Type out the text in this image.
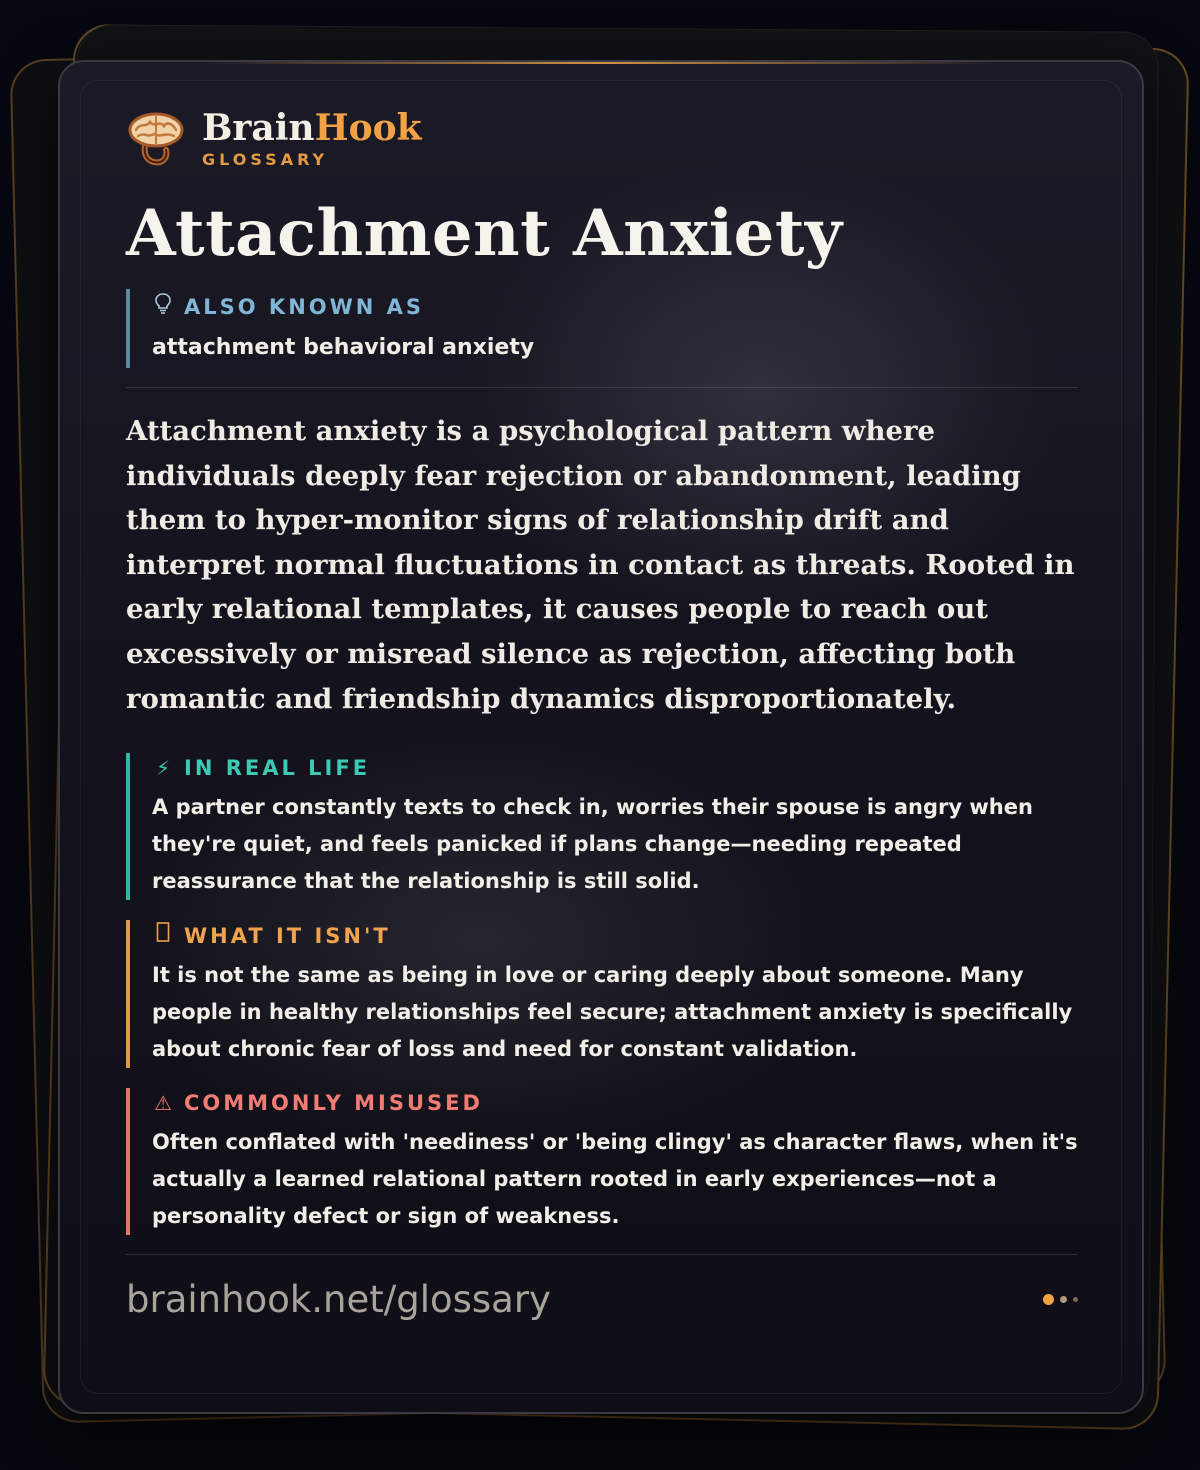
BrainHook
GLOSSARY
Attachment Anxiety
ALSO KNOWN AS
attachment behavioral anxiety
Attachment anxiety is a psychological pattern where individuals deeply fear rejection or abandonment, leading them to hyper-monitor signs of relationship drift and interpret normal fluctuations in contact as threats. Rooted in early relational templates, it causes people to reach out excessively or misread silence as rejection, affecting both romantic and friendship dynamics disproportionately.
⚡ IN REAL LIFE
A partner constantly texts to check in, worries their spouse is angry when they're quiet, and feels panicked if plans change—needing repeated reassurance that the relationship is still solid.
WHAT IT ISN'T
It is not the same as being in love or caring deeply about someone. Many people in healthy relationships feel secure; attachment anxiety is specifically about chronic fear of loss and need for constant validation.
⚠ COMMONLY MISUSED
Often conflated with 'neediness' or 'being clingy' as character flaws, when it's actually a learned relational pattern rooted in early experiences—not a personality defect or sign of weakness.
brainhook.net/glossary
